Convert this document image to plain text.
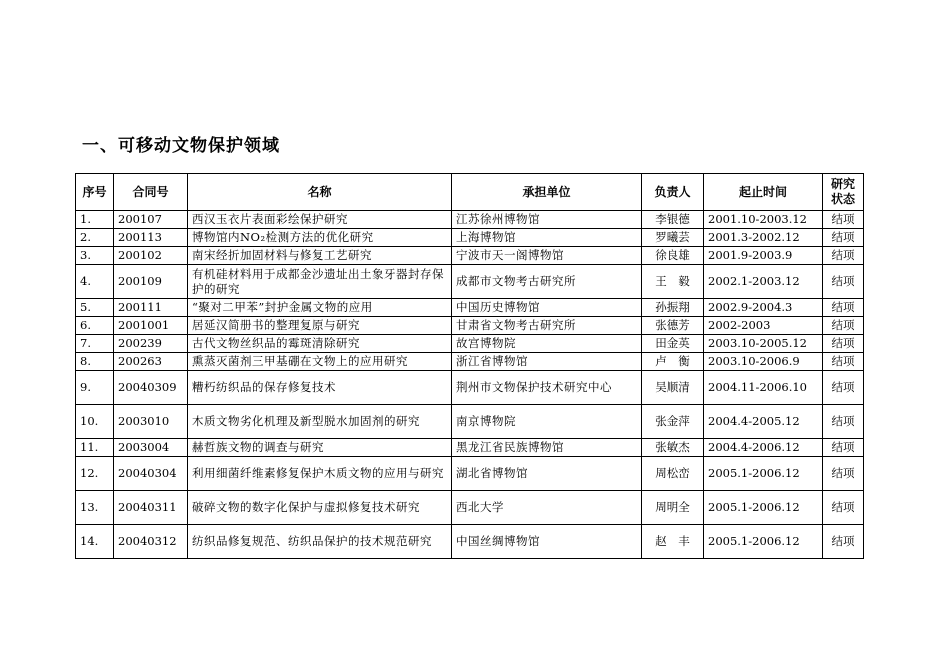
一、可移动文物保护领域
序号	合同号	名称	承担单位	负责人	起止时间	研究状态
1.	200107	西汉玉衣片表面彩绘保护研究	江苏徐州博物馆	李银德	2001.10-2003.12	结项
2.	200113	博物馆内NO₂检测方法的优化研究	上海博物馆	罗曦芸	2001.3-2002.12	结项
3.	200102	南宋经折加固材料与修复工艺研究	宁波市天一阁博物馆	徐良雄	2001.9-2003.9	结项
4.	200109	有机硅材料用于成都金沙遗址出土象牙器封存保护的研究	成都市文物考古研究所	王　毅	2002.1-2003.12	结项
5.	200111	“聚对二甲苯”封护金属文物的应用	中国历史博物馆	孙振翔	2002.9-2004.3	结项
6.	2001001	居延汉简册书的整理复原与研究	甘肃省文物考古研究所	张德芳	2002-2003	结项
7.	200239	古代文物丝织品的霉斑清除研究	故宫博物院	田金英	2003.10-2005.12	结项
8.	200263	熏蒸灭菌剂三甲基硼在文物上的应用研究	浙江省博物馆	卢　衡	2003.10-2006.9	结项
9.	20040309	糟朽纺织品的保存修复技术	荆州市文物保护技术研究中心	吴顺清	2004.11-2006.10	结项
10.	2003010	木质文物劣化机理及新型脱水加固剂的研究	南京博物院	张金萍	2004.4-2005.12	结项
11.	2003004	赫哲族文物的调查与研究	黑龙江省民族博物馆	张敏杰	2004.4-2006.12	结项
12.	20040304	利用细菌纤维素修复保护木质文物的应用与研究	湖北省博物馆	周松峦	2005.1-2006.12	结项
13.	20040311	破碎文物的数字化保护与虚拟修复技术研究	西北大学	周明全	2005.1-2006.12	结项
14.	20040312	纺织品修复规范、纺织品保护的技术规范研究	中国丝绸博物馆	赵　丰	2005.1-2006.12	结项
